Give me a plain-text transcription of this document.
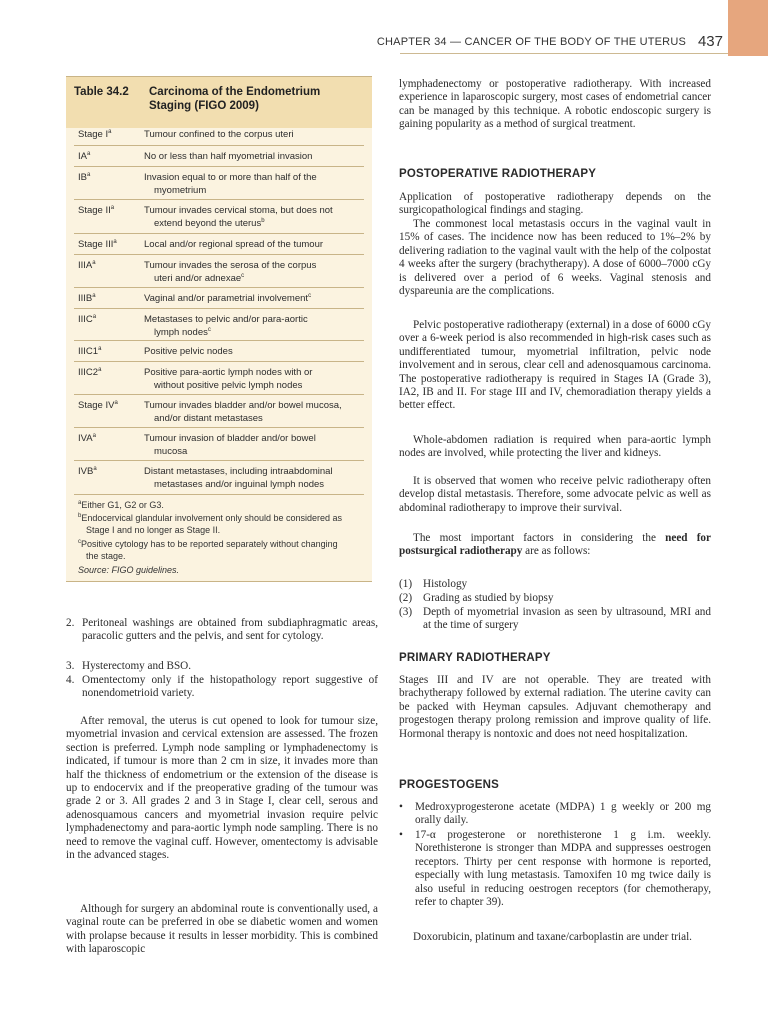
CHAPTER 34 — CANCER OF THE BODY OF THE UTERUS 437
Table 34.2 Carcinoma of the Endometrium Staging (FIGO 2009)
Stage $I^a$	Tumour confined to the corpus uteri
$IA^a$	No or less than half myometrial invasion
$IB^a$	Invasion equal to or more than half of the
myometrium
Stage $II^a$	Tumour invades cervical stoma, but does not
extend beyond the uterus$^b$
Stage III$^a$	Local and/or regional spread of the tumour
IIIA$^a$	Tumour invades the serosa of the corpus
uteri and/or adnexae$^c$
IIIB$^a$	Vaginal and/or parametrial involvement$^c$
IIIC$^a$	Metastases to pelvic and/or para-aortic
lymph nodes$^c$
IIIC1$^a$	Positive pelvic nodes
IIIC2$^a$	Positive para-aortic lymph nodes with or
without positive pelvic lymph nodes
Stage $IV^a$	Tumour invades bladder and/or bowel mucosa,
and/or distant metastases
IVA$^a$	Tumour invasion of bladder and/or bowel
mucosa
IVB$^a$	Distant metastases, including intraabdominal
metastases and/or inguinal lymph nodes
$^a$Either G1, G2 or G3.
$^b$Endocervical glandular involvement only should be considered as
Stage I and no longer as Stage II.
$^c$Positive cytology has to be reported separately without changing
the stage.
Source: FIGO guidelines.
2. Peritoneal washings are obtained from subdiaphragmatic areas, paracolic gutters and the pelvis, and sent for cytology.
3. Hysterectomy and BSO.
4. Omentectomy only if the histopathology report suggestive of nonendometrioid variety.
After removal, the uterus is cut opened to look for tumour size, myometrial invasion and cervical extension are assessed. The frozen section is preferred. Lymph node sampling or lymphadenectomy is indicated, if tumour is more than 2 cm in size, it invades more than half the thickness of endometrium or the extension of the disease is up to endocervix and if the preoperative grading of the tumour was grade 2 or 3. All grades 2 and 3 in Stage I, clear cell, serous and adenosquamous cancers and myometrial invasion require pelvic lymphadenectomy and para-aortic lymph node sampling. There is no need to remove the vaginal cuff. However, omentectomy is advisable in the advanced stages.
Although for surgery an abdominal route is conventionally used, a vaginal route can be preferred in obe se diabetic women and women with prolapse because it results in lesser morbidity. This is combined with laparoscopic
lymphadenectomy or postoperative radiotherapy. With increased experience in laparoscopic surgery, most cases of endometrial cancer can be managed by this technique. A robotic endoscopic surgery is gaining popularity as a method of surgical treatment.
POSTOPERATIVE RADIOTHERAPY
Application of postoperative radiotherapy depends on the surgicopathological findings and staging.
The commonest local metastasis occurs in the vaginal vault in 15% of cases. The incidence now has been reduced to 1%–2% by delivering radiation to the vaginal vault with the help of the colpostat 4 weeks after the surgery (brachytherapy). A dose of 6000–7000 cGy is delivered over a period of 6 weeks. Vaginal stenosis and dyspareunia are the complications.
Pelvic postoperative radiotherapy (external) in a dose of 6000 cGy over a 6-week period is also recommended in high-risk cases such as undifferentiated tumour, myometrial infiltration, pelvic node involvement and in serous, clear cell and adenosquamous carcinoma. The postoperative radiotherapy is required in Stages IA (Grade 3), IA2, IB and II. For stage III and IV, chemoradiation therapy yields a better effect.
Whole-abdomen radiation is required when para-aortic lymph nodes are involved, while protecting the liver and kidneys.
It is observed that women who receive pelvic radiotherapy often develop distal metastasis. Therefore, some advocate pelvic as well as abdominal radiotherapy to improve their survival.
The most important factors in considering the need for postsurgical radiotherapy are as follows:
(1) Histology
(2) Grading as studied by biopsy
(3) Depth of myometrial invasion as seen by ultrasound, MRI and at the time of surgery
PRIMARY RADIOTHERAPY
Stages III and IV are not operable. They are treated with brachytherapy followed by external radiation. The uterine cavity can be packed with Heyman capsules. Adjuvant chemotherapy and progestogen therapy prolong remission and improve quality of life. Hormonal therapy is nontoxic and does not need hospitalization.
PROGESTOGENS
•	Medroxyprogesterone acetate (MDPA) 1 g weekly or 200 mg orally daily.
•	17-α progesterone or norethisterone 1 g i.m. weekly. Norethisterone is stronger than MDPA and suppresses oestrogen receptors. Thirty per cent response with hormone is reported, especially with lung metastasis. Tamoxifen 10 mg twice daily is also useful in reducing oestrogen receptors (for chemotherapy, refer to chapter 39).
Doxorubicin, platinum and taxane/carboplastin are under trial.
